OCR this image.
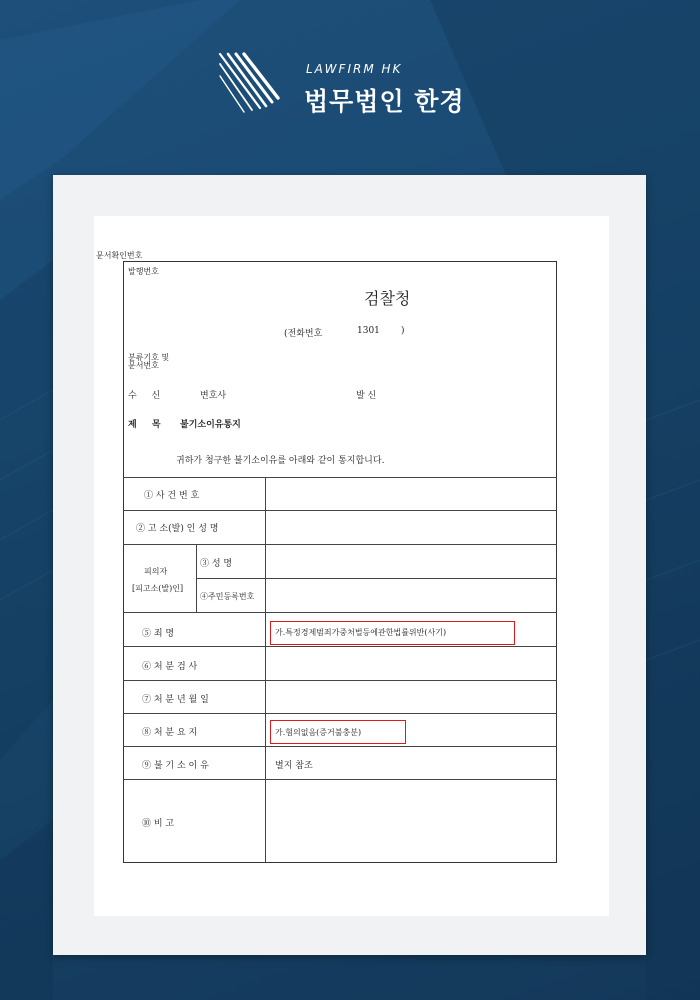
LAWFIRM HK
법무법인 한경
문서확인번호
발행번호
검찰청
(전화번호	1301 )
분류기호 및
문서번호
수 신	변호사	발 신
제 목 불기소이유통지
귀하가 청구한 불기소이유를 아래와 같이 통지합니다.
① 사 건 번 호
② 고 소(발) 인 성 명
피의자
[피고소(발)인]
③ 성 명
④주민등록번호
⑤ 죄 명	가.특정경제범죄가중처벌등에관한법률위반(사기)
⑥ 처 분 검 사
⑦ 처 분 년 월 일
⑧ 처 분 요 지	가.혐의없음(증거불충분)
⑨ 불 기 소 이 유	별지 참조
⑩ 비 고
